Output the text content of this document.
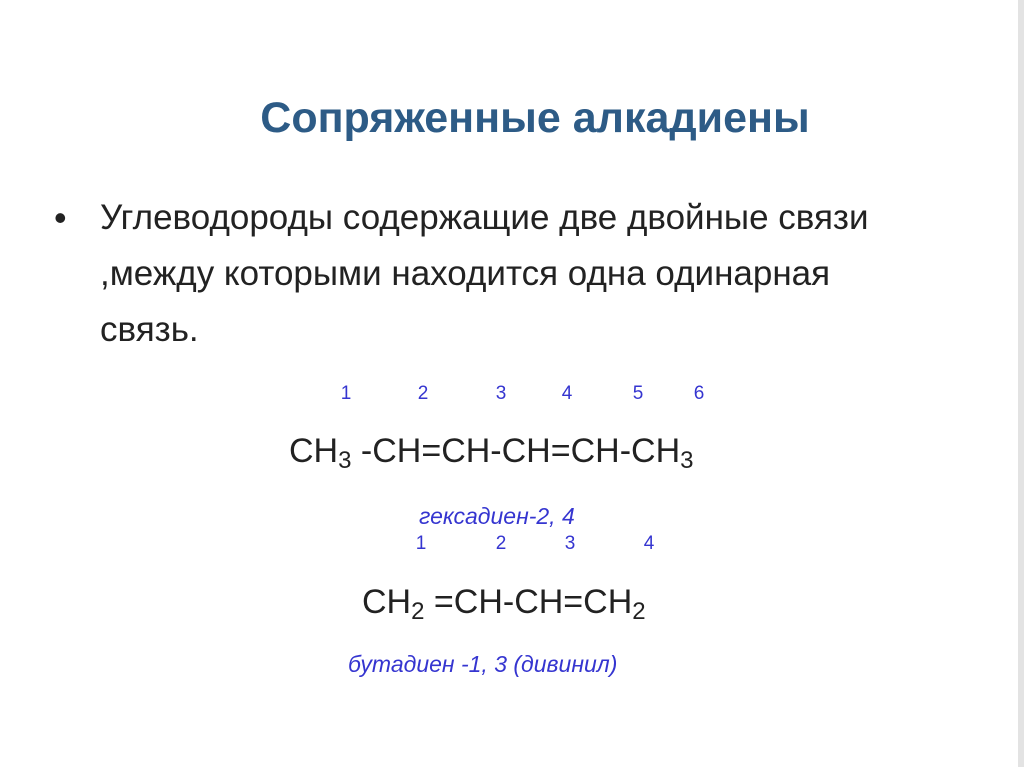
Сопряженные алкадиены
• Углеводороды содержащие две двойные связи ,между которыми находится одна одинарная связь.
1	2	3	4	5	6
$CH_3$ $-CH=CH-CH=CH-CH_3$
гексадиен-2, 4
1	2	3	4
$CH_2 =CH-CH=CH_2$
бутадиен -1, 3 (дивинил)
